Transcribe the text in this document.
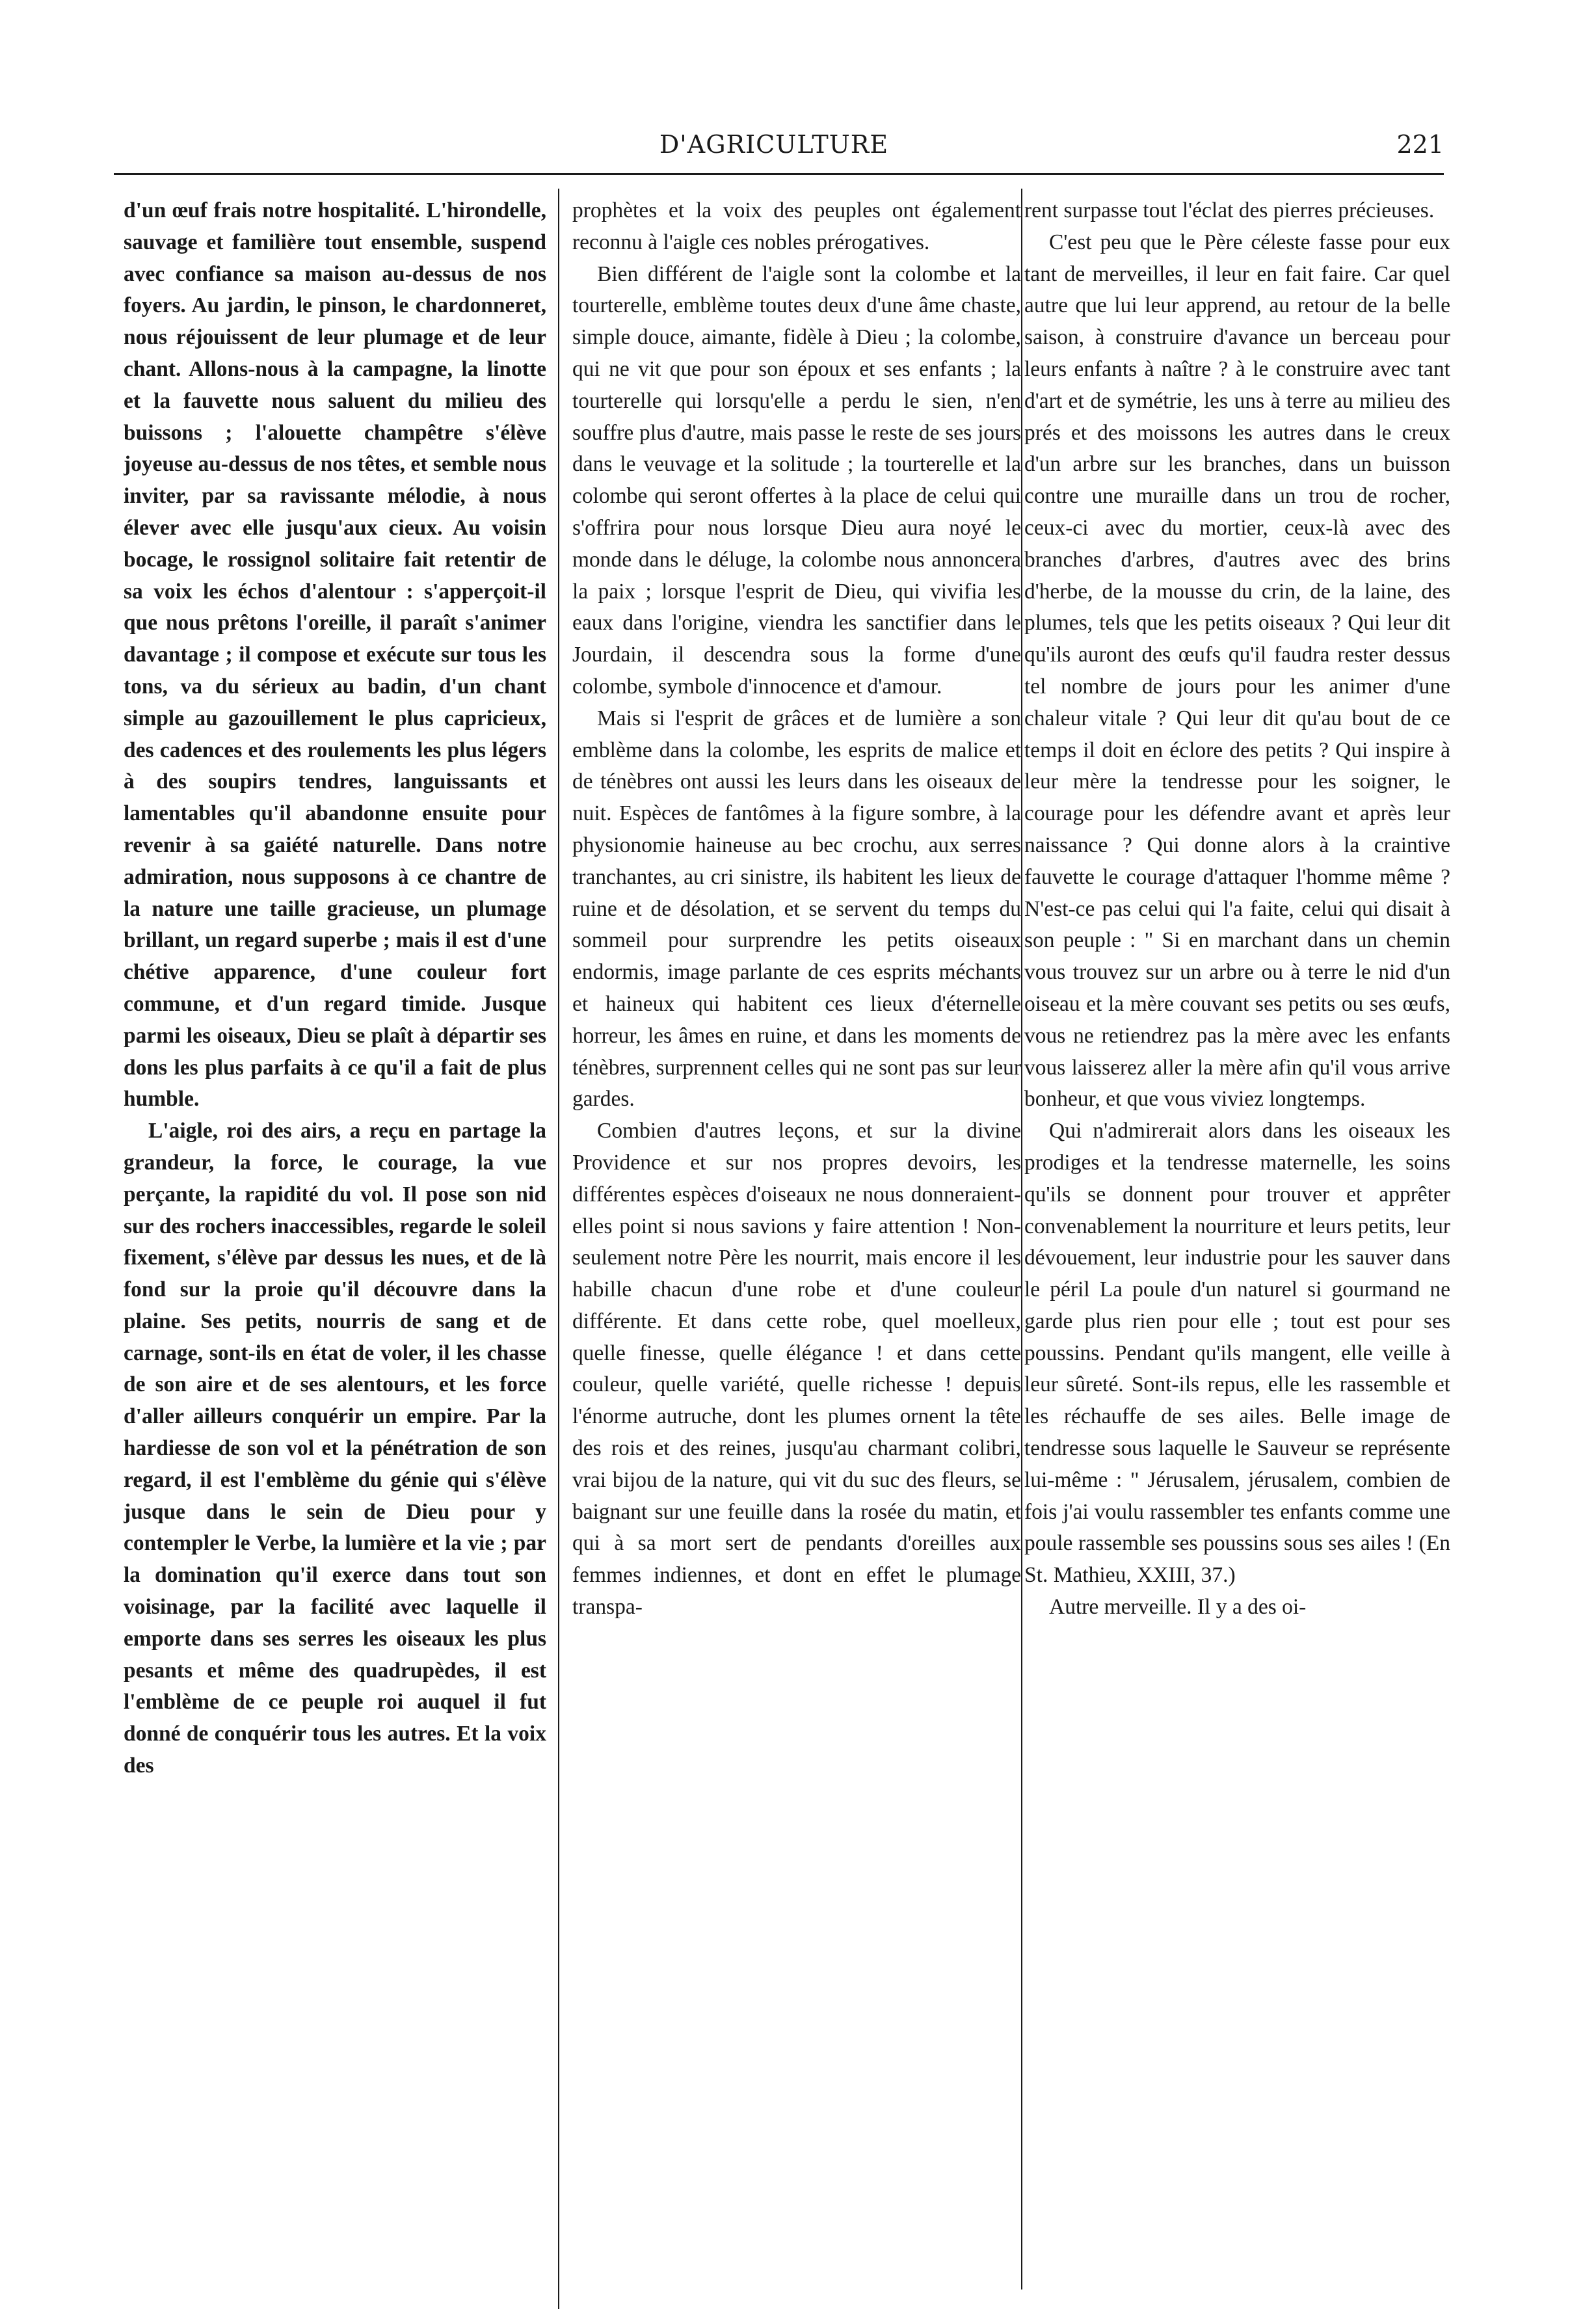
D'AGRICULTURE	221

d'un œuf frais notre hospitalité. L'hirondelle, sauvage et familière tout ensemble, suspend avec confiance sa maison au-dessus de nos foyers. Au jardin, le pinson, le chardonneret, nous réjouissent de leur plumage et de leur chant. Allons-nous à la campagne, la linotte et la fauvette nous saluent du milieu des buissons ; l'alouette champêtre s'élève joyeuse au-dessus de nos têtes, et semble nous inviter, par sa ravissante mélodie, à nous élever avec elle jusqu'aux cieux. Au voisin bocage, le rossignol solitaire fait retentir de sa voix les échos d'alentour : s'apperçoit-il que nous prêtons l'oreille, il paraît s'animer davantage ; il compose et exécute sur tous les tons, va du sérieux au badin, d'un chant simple au gazouillement le plus capricieux, des cadences et des roulements les plus légers à des soupirs tendres, languissants et lamentables qu'il abandonne ensuite pour revenir à sa gaiété naturelle. Dans notre admiration, nous supposons à ce chantre de la nature une taille gracieuse, un plumage brillant, un regard superbe ; mais il est d'une chétive apparence, d'une couleur fort commune, et d'un regard timide. Jusque parmi les oiseaux, Dieu se plaît à départir ses dons les plus parfaits à ce qu'il a fait de plus humble.

L'aigle, roi des airs, a reçu en partage la grandeur, la force, le courage, la vue perçante, la rapidité du vol. Il pose son nid sur des rochers inaccessibles, regarde le soleil fixement, s'élève par dessus les nues, et de là fond sur la proie qu'il découvre dans la plaine. Ses petits, nourris de sang et de carnage, sont-ils en état de voler, il les chasse de son aire et de ses alentours, et les force d'aller ailleurs conquérir un empire. Par la hardiesse de son vol et la pénétration de son regard, il est l'emblème du génie qui s'élève jusque dans le sein de Dieu pour y contempler le Verbe, la lumière et la vie ; par la domination qu'il exerce dans tout son voisinage, par la facilité avec laquelle il emporte dans ses serres les oiseaux les plus pesants et même des quadrupèdes, il est l'emblème de ce peuple roi auquel il fut donné de conquérir tous les autres. Et la voix des

prophètes et la voix des peuples ont également reconnu à l'aigle ces nobles prérogatives.

Bien différent de l'aigle sont la colombe et la tourterelle, emblème toutes deux d'une âme chaste, simple douce, aimante, fidèle à Dieu ; la colombe, qui ne vit que pour son époux et ses enfants ; la tourterelle qui lorsqu'elle a perdu le sien, n'en souffre plus d'autre, mais passe le reste de ses jours dans le veuvage et la solitude ; la tourterelle et la colombe qui seront offertes à la place de celui qui s'offrira pour nous lorsque Dieu aura noyé le monde dans le déluge, la colombe nous annoncera la paix ; lorsque l'esprit de Dieu, qui vivifia les eaux dans l'origine, viendra les sanctifier dans le Jourdain, il descendra sous la forme d'une colombe, symbole d'innocence et d'amour.

Mais si l'esprit de grâces et de lumière a son emblème dans la colombe, les esprits de malice et de ténèbres ont aussi les leurs dans les oiseaux de nuit. Espèces de fantômes à la figure sombre, à la physionomie haineuse au bec crochu, aux serres tranchantes, au cri sinistre, ils habitent les lieux de ruine et de désolation, et se servent du temps du sommeil pour surprendre les petits oiseaux endormis, image parlante de ces esprits méchants et haineux qui habitent ces lieux d'éternelle horreur, les âmes en ruine, et dans les moments de ténèbres, surprennent celles qui ne sont pas sur leur gardes.

Combien d'autres leçons, et sur la divine Providence et sur nos propres devoirs, les différentes espèces d'oiseaux ne nous donneraient-elles point si nous savions y faire attention ! Non-seulement notre Père les nourrit, mais encore il les habille chacun d'une robe et d'une couleur différente. Et dans cette robe, quel moelleux, quelle finesse, quelle élégance ! et dans cette couleur, quelle variété, quelle richesse ! depuis l'énorme autruche, dont les plumes ornent la tête des rois et des reines, jusqu'au charmant colibri, vrai bijou de la nature, qui vit du suc des fleurs, se baignant sur une feuille dans la rosée du matin, et qui à sa mort sert de pendants d'oreilles aux femmes indiennes, et dont en effet le plumage transpa-

rent surpasse tout l'éclat des pierres précieuses.

C'est peu que le Père céleste fasse pour eux tant de merveilles, il leur en fait faire. Car quel autre que lui leur apprend, au retour de la belle saison, à construire d'avance un berceau pour leurs enfants à naître ? à le construire avec tant d'art et de symétrie, les uns à terre au milieu des prés et des moissons les autres dans le creux d'un arbre sur les branches, dans un buisson contre une muraille dans un trou de rocher, ceux-ci avec du mortier, ceux-là avec des branches d'arbres, d'autres avec des brins d'herbe, de la mousse du crin, de la laine, des plumes, tels que les petits oiseaux ? Qui leur dit qu'ils auront des œufs qu'il faudra rester dessus tel nombre de jours pour les animer d'une chaleur vitale ? Qui leur dit qu'au bout de ce temps il doit en éclore des petits ? Qui inspire à leur mère la tendresse pour les soigner, le courage pour les défendre avant et après leur naissance ? Qui donne alors à la craintive fauvette le courage d'attaquer l'homme même ? N'est-ce pas celui qui l'a faite, celui qui disait à son peuple : " Si en marchant dans un chemin vous trouvez sur un arbre ou à terre le nid d'un oiseau et la mère couvant ses petits ou ses œufs, vous ne retiendrez pas la mère avec les enfants vous laisserez aller la mère afin qu'il vous arrive bonheur, et que vous viviez longtemps.

Qui n'admirerait alors dans les oiseaux les prodiges et la tendresse maternelle, les soins qu'ils se donnent pour trouver et apprêter convenablement la nourriture et leurs petits, leur dévouement, leur industrie pour les sauver dans le péril La poule d'un naturel si gourmand ne garde plus rien pour elle ; tout est pour ses poussins. Pendant qu'ils mangent, elle veille à leur sûreté. Sont-ils repus, elle les rassemble et les réchauffe de ses ailes. Belle image de tendresse sous laquelle le Sauveur se représente lui-même : " Jérusalem, jérusalem, combien de fois j'ai voulu rassembler tes enfants comme une poule rassemble ses poussins sous ses ailes ! (En St. Mathieu, XXIII, 37.)

Autre merveille. Il y a des oi-
